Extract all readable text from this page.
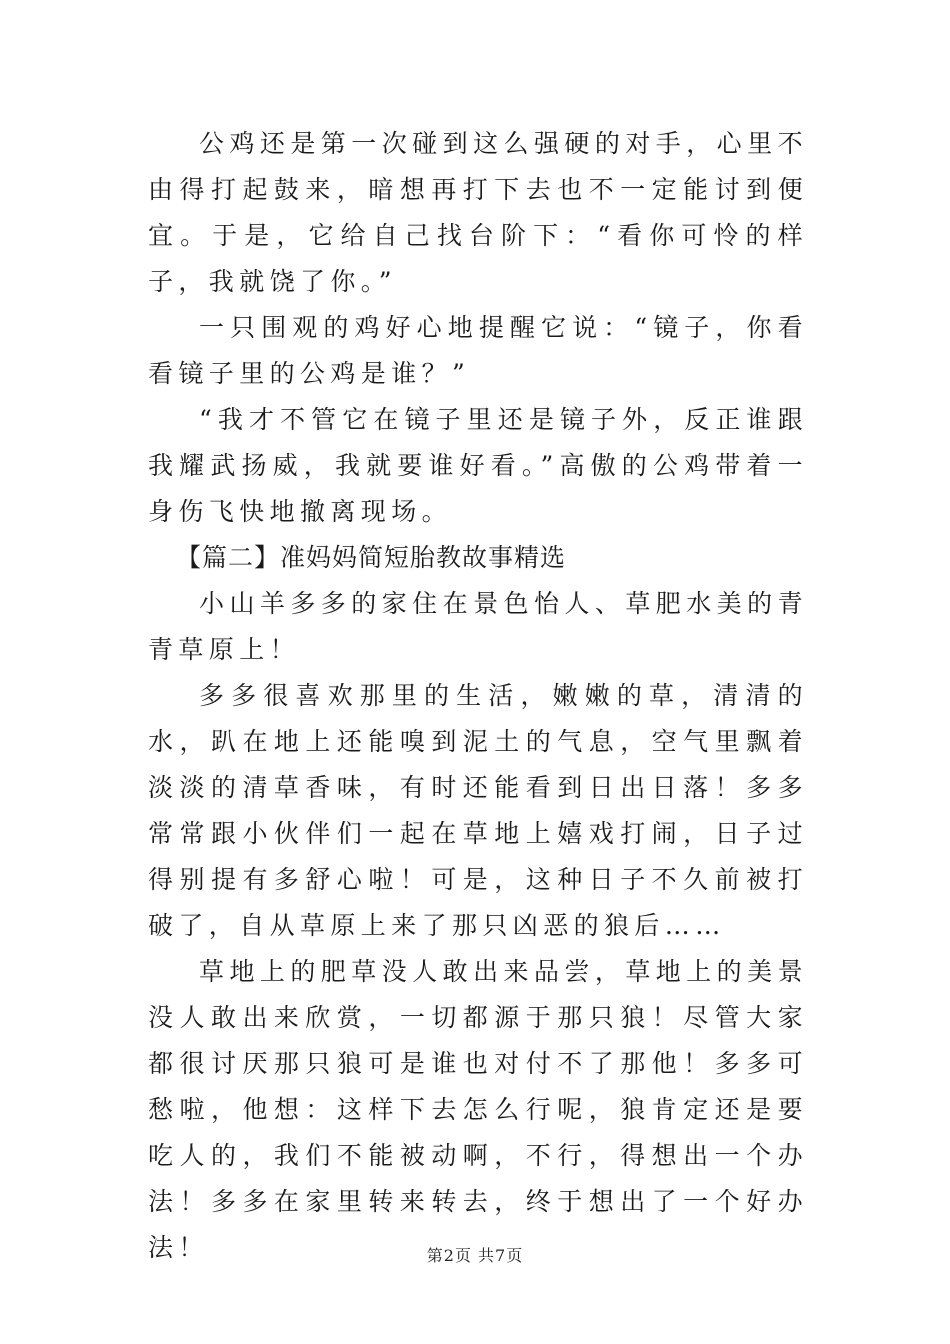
公鸡还是第一次碰到这么强硬的对手，心里不由得打起鼓来，暗想再打下去也不一定能讨到便宜。于是，它给自己找台阶下：“看你可怜的样子，我就饶了你。”

一只围观的鸡好心地提醒它说：“镜子，你看看镜子里的公鸡是谁？”

“我才不管它在镜子里还是镜子外，反正谁跟我耀武扬威，我就要谁好看。”高傲的公鸡带着一身伤飞快地撤离现场。

【篇二】准妈妈简短胎教故事精选

小山羊多多的家住在景色怡人、草肥水美的青青草原上！

多多很喜欢那里的生活，嫩嫩的草，清清的水，趴在地上还能嗅到泥土的气息，空气里飘着淡淡的清草香味，有时还能看到日出日落！多多常常跟小伙伴们一起在草地上嬉戏打闹，日子过得别提有多舒心啦！可是，这种日子不久前被打破了，自从草原上来了那只凶恶的狼后……

草地上的肥草没人敢出来品尝，草地上的美景没人敢出来欣赏，一切都源于那只狼！尽管大家都很讨厌那只狼可是谁也对付不了那他！多多可愁啦，他想：这样下去怎么行呢，狼肯定还是要吃人的，我们不能被动啊，不行，得想出一个办法！多多在家里转来转去，终于想出了一个好办法！	第2页 共7页
